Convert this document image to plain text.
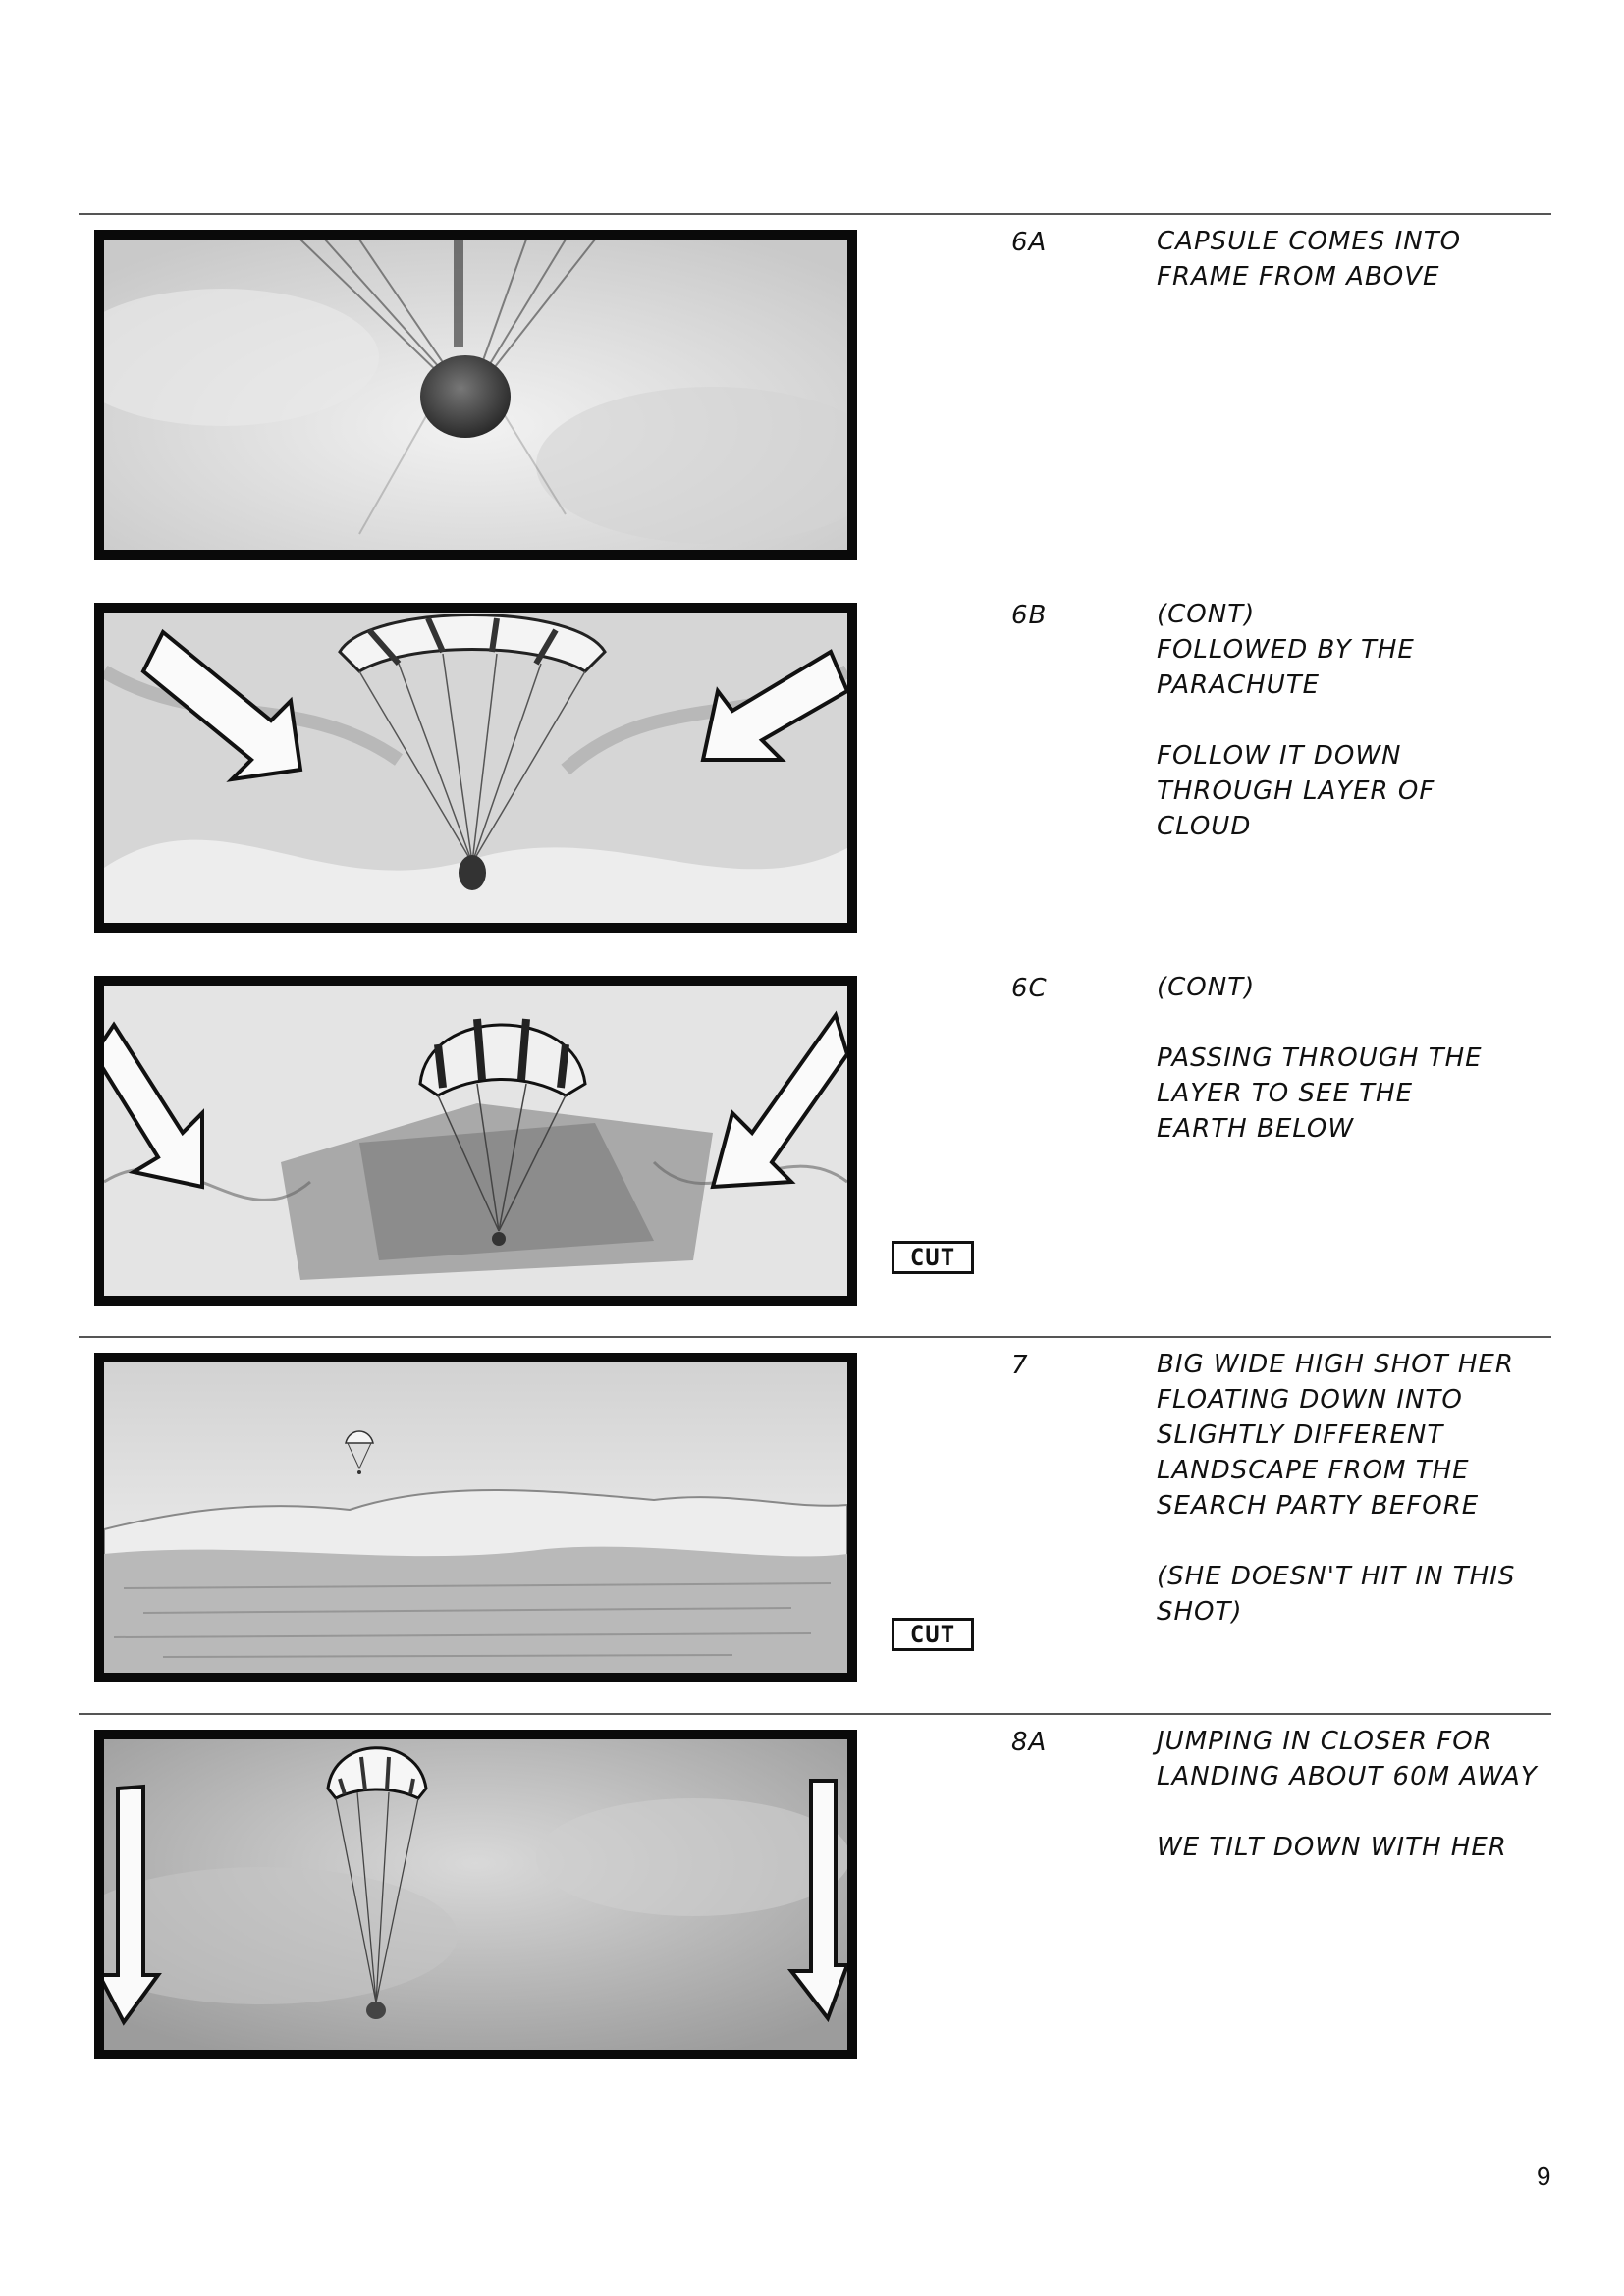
6A
6B
6C
7
8A

CAPSULE COMES INTO
FRAME FROM ABOVE

(CONT)
FOLLOWED BY THE
PARACHUTE

FOLLOW IT DOWN
THROUGH LAYER OF
CLOUD

(CONT)

PASSING THROUGH THE
LAYER TO SEE THE
EARTH BELOW

BIG WIDE HIGH SHOT HER
FLOATING DOWN INTO
SLIGHTLY DIFFERENT
LANDSCAPE FROM THE
SEARCH PARTY BEFORE

(SHE DOESN'T HIT IN THIS
SHOT)

JUMPING IN CLOSER FOR
LANDING ABOUT 60M AWAY

WE TILT DOWN WITH HER

CUT
CUT
9
